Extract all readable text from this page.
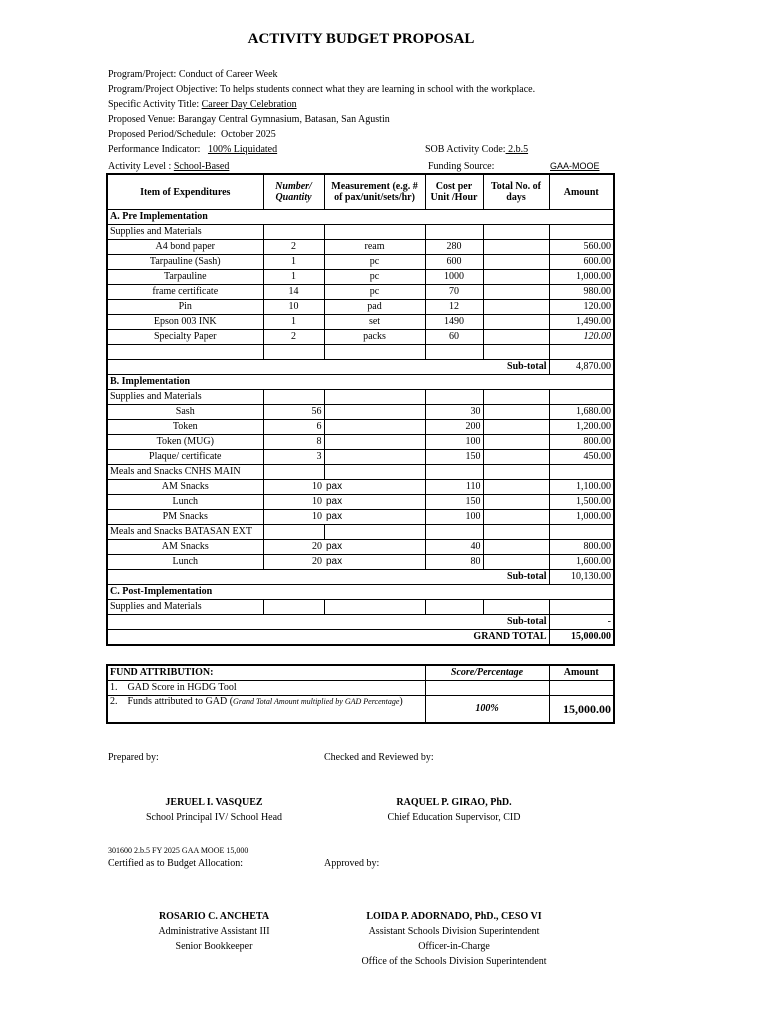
ACTIVITY BUDGET PROPOSAL
Program/Project: Conduct of Career Week
Program/Project Objective: To helps students connect what they are learning in school with the workplace.
Specific Activity Title: Career Day Celebration
Proposed Venue: Barangay Central Gymnasium, Batasan, San Agustin
Proposed Period/Schedule: October 2025
Performance Indicator: 100% Liquidated	SOB Activity Code: 2.b.5
Activity Level : School-Based	Funding Source:	GAA-MOOE
Item of Expenditures	Number/ Quantity	Measurement (e.g. # of pax/unit/sets/hr)	Cost per Unit /Hour	Total No. of days	Amount
A. Pre Implementation					
Supplies and Materials					
A4 bond paper	2	ream	280		560.00
Tarpauline (Sash)	1	pc	600		600.00
Tarpauline	1	pc	1000		1,000.00
frame certificate	14	pc	70		980.00
Pin	10	pad	12		120.00
Epson 003 INK	1	set	1490		1,490.00
Specialty Paper	2	packs	60		120.00

Sub-total					4,870.00
B. Implementation					
Supplies and Materials					
Sash	56		30		1,680.00
Token	6		200		1,200.00
Token (MUG)	8		100		800.00
Plaque/ certificate	3		150		450.00
Meals and Snacks CNHS MAIN					
AM Snacks	10	pax	110		1,100.00
Lunch	10	pax	150		1,500.00
PM Snacks	10	pax	100		1,000.00
Meals and Snacks BATASAN EXT					
AM Snacks	20	pax	40		800.00
Lunch	20	pax	80		1,600.00
Sub-total					10,130.00
C. Post-Implementation					
Supplies and Materials					
Sub-total					-
GRAND TOTAL					15,000.00
FUND ATTRIBUTION:	Score/Percentage	Amount
1. GAD Score in HGDG Tool		
2. Funds attributed to GAD (Grand Total Amount multiplied by GAD Percentage)	100%	15,000.00
Prepared by:	Checked and Reviewed by:
JERUEL I. VASQUEZ
School Principal IV/ School Head
RAQUEL P. GIRAO, PhD.
Chief Education Supervisor, CID
301600 2.b.5 FY 2025 GAA MOOE 15,000
Certified as to Budget Allocation:	Approved by:
ROSARIO C. ANCHETA
Administrative Assistant III
Senior Bookkeeper
LOIDA P. ADORNADO, PhD., CESO VI
Assistant Schools Division Superintendent
Officer-in-Charge
Office of the Schools Division Superintendent
